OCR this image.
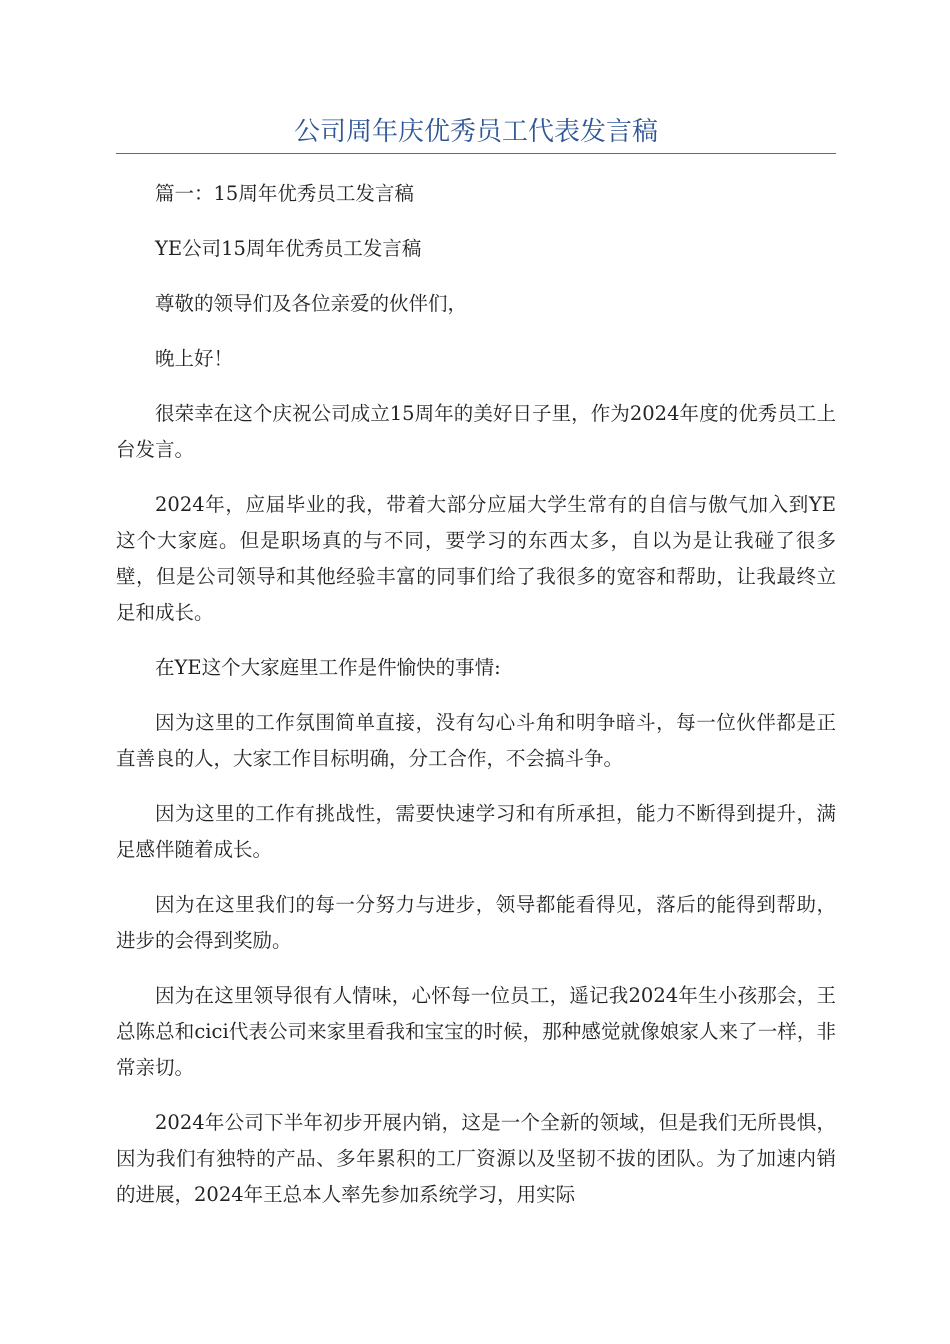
公司周年庆优秀员工代表发言稿

篇一：15周年优秀员工发言稿

YE公司15周年优秀员工发言稿

尊敬的领导们及各位亲爱的伙伴们，

晚上好！

很荣幸在这个庆祝公司成立15周年的美好日子里，作为2024年度的优秀员工上台发言。

2024年，应届毕业的我，带着大部分应届大学生常有的自信与傲气加入到YE这个大家庭。但是职场真的与不同，要学习的东西太多，自以为是让我碰了很多壁，但是公司领导和其他经验丰富的同事们给了我很多的宽容和帮助，让我最终立足和成长。

在YE这个大家庭里工作是件愉快的事情:

因为这里的工作氛围简单直接，没有勾心斗角和明争暗斗，每一位伙伴都是正直善良的人，大家工作目标明确，分工合作，不会搞斗争。

因为这里的工作有挑战性，需要快速学习和有所承担，能力不断得到提升，满足感伴随着成长。

因为在这里我们的每一分努力与进步，领导都能看得见，落后的能得到帮助，进步的会得到奖励。

因为在这里领导很有人情味，心怀每一位员工，遥记我2024年生小孩那会，王总陈总和cici代表公司来家里看我和宝宝的时候，那种感觉就像娘家人来了一样，非常亲切。

2024年公司下半年初步开展内销，这是一个全新的领域，但是我们无所畏惧，因为我们有独特的产品、多年累积的工厂资源以及坚韧不拔的团队。为了加速内销的进展，2024年王总本人率先参加系统学习，用实际
